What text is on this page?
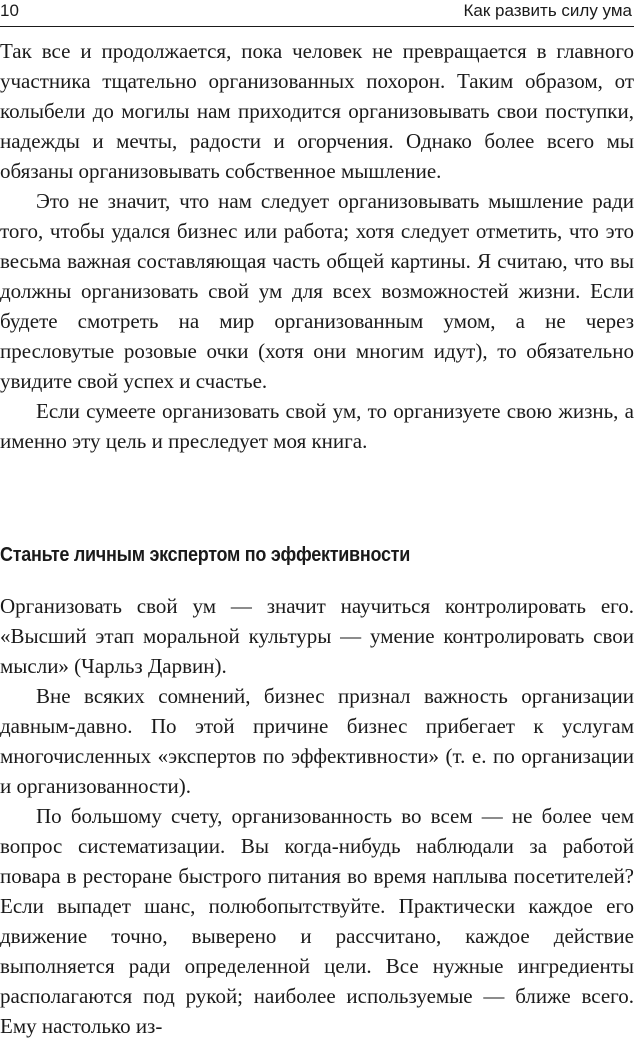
10	Как развить силу ума

Так все и продолжается, пока человек не превращается в главного участника тщательно организованных похорон. Таким образом, от колыбели до могилы нам приходится организовывать свои поступки, надежды и мечты, радости и огорчения. Однако более всего мы обязаны организовывать собственное мышление.

Это не значит, что нам следует организовывать мышление ради того, чтобы удался бизнес или работа; хотя следует отметить, что это весьма важная составляющая часть общей картины. Я считаю, что вы должны организовать свой ум для всех возможностей жизни. Если будете смотреть на мир организованным умом, а не через пресловутые розовые очки (хотя они многим идут), то обязательно увидите свой успех и счастье.

Если сумеете организовать свой ум, то организуете свою жизнь, а именно эту цель и преследует моя книга.

Станьте личным экспертом по эффективности

Организовать свой ум — значит научиться контролировать его. «Высший этап моральной культуры — умение контролировать свои мысли» (Чарльз Дарвин).

Вне всяких сомнений, бизнес признал важность организации давным-давно. По этой причине бизнес прибегает к услугам многочисленных «экспертов по эффективности» (т. е. по организации и организованности).

По большому счету, организованность во всем — не более чем вопрос систематизации. Вы когда-нибудь наблюдали за работой повара в ресторане быстрого питания во время наплыва посетителей? Если выпадет шанс, полюбопытствуйте. Практически каждое его движение точно, выверено и рассчитано, каждое действие выполняется ради определенной цели. Все нужные ингредиенты располагаются под рукой; наиболее используемые — ближе всего. Ему настолько из-
